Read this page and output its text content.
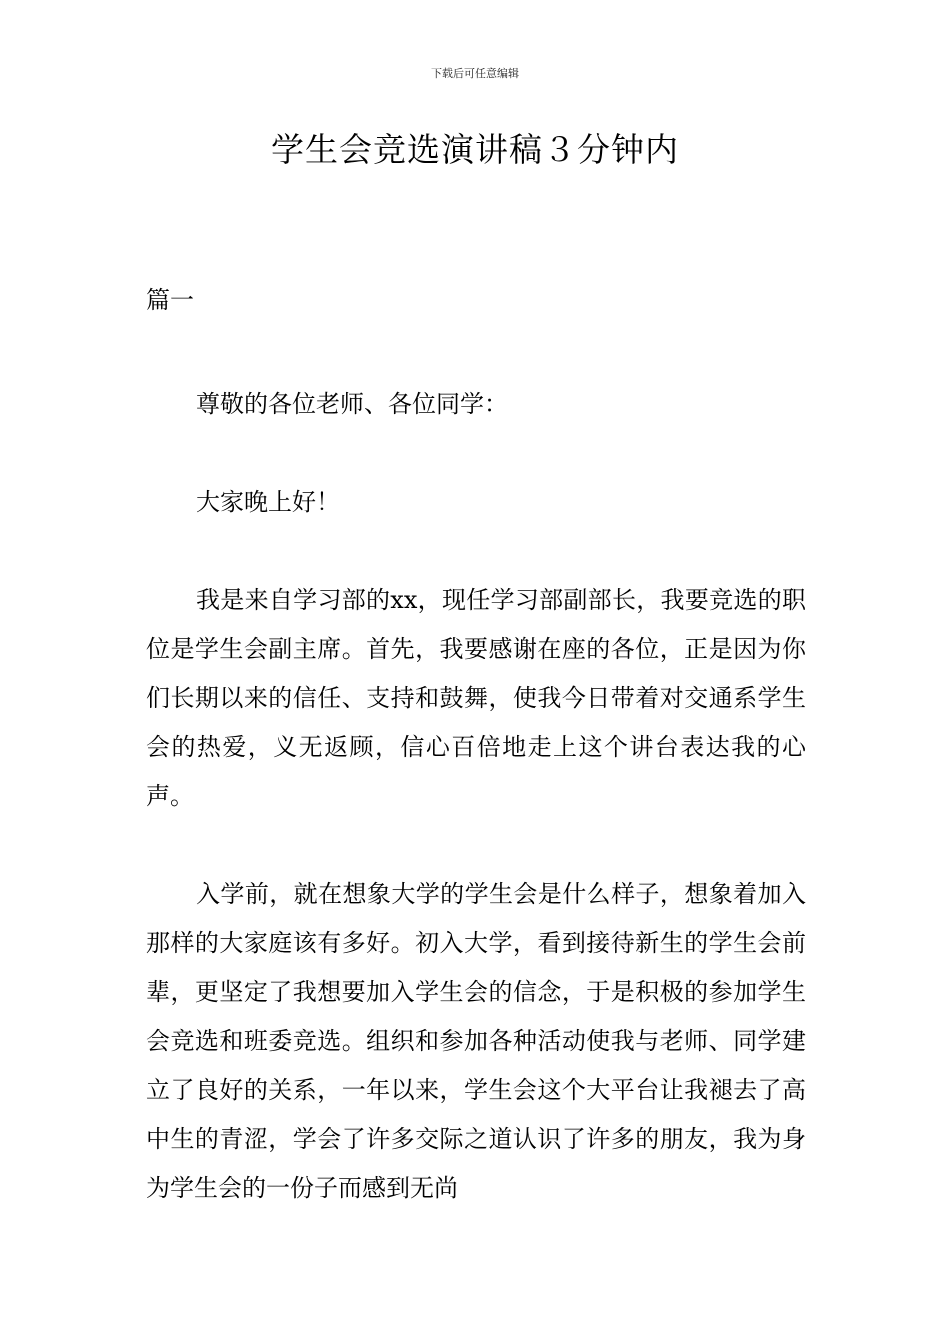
下载后可任意编辑
学生会竞选演讲稿３分钟内

篇一

尊敬的各位老师、各位同学：

大家晚上好！

我是来自学习部的xx，现任学习部副部长，我要竞选的职位是学生会副主席。首先，我要感谢在座的各位，正是因为你们长期以来的信任、支持和鼓舞，使我今日带着对交通系学生会的热爱，义无返顾，信心百倍地走上这个讲台表达我的心声。

入学前，就在想象大学的学生会是什么样子，想象着加入那样的大家庭该有多好。初入大学，看到接待新生的学生会前辈，更坚定了我想要加入学生会的信念，于是积极的参加学生会竞选和班委竞选。组织和参加各种活动使我与老师、同学建立了良好的关系，一年以来，学生会这个大平台让我褪去了高中生的青涩，学会了许多交际之道认识了许多的朋友，我为身为学生会的一份子而感到无尚
